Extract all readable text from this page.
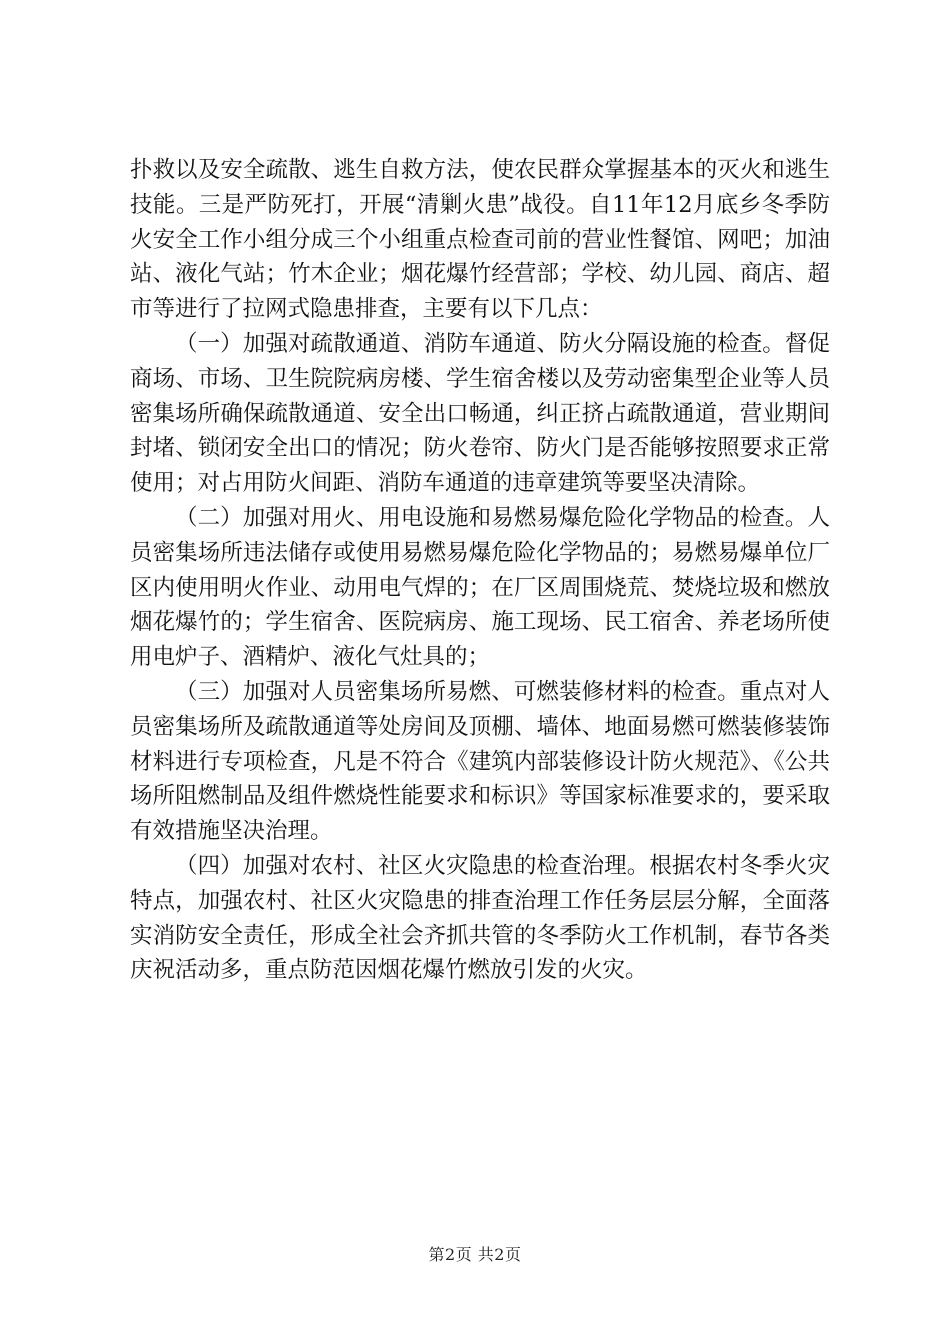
扑救以及安全疏散、逃生自救方法，使农民群众掌握基本的灭火和逃生技能。三是严防死打，开展“清剿火患”战役。自11年12月底乡冬季防火安全工作小组分成三个小组重点检查司前的营业性餐馆、网吧；加油站、液化气站；竹木企业；烟花爆竹经营部；学校、幼儿园、商店、超市等进行了拉网式隐患排查，主要有以下几点：

（一）加强对疏散通道、消防车通道、防火分隔设施的检查。督促商场、市场、卫生院院病房楼、学生宿舍楼以及劳动密集型企业等人员密集场所确保疏散通道、安全出口畅通，纠正挤占疏散通道，营业期间封堵、锁闭安全出口的情况；防火卷帘、防火门是否能够按照要求正常使用；对占用防火间距、消防车通道的违章建筑等要坚决清除。

（二）加强对用火、用电设施和易燃易爆危险化学物品的检查。人员密集场所违法储存或使用易燃易爆危险化学物品的；易燃易爆单位厂区内使用明火作业、动用电气焊的；在厂区周围烧荒、焚烧垃圾和燃放烟花爆竹的；学生宿舍、医院病房、施工现场、民工宿舍、养老场所使用电炉子、酒精炉、液化气灶具的；

（三）加强对人员密集场所易燃、可燃装修材料的检查。重点对人员密集场所及疏散通道等处房间及顶棚、墙体、地面易燃可燃装修装饰材料进行专项检查，凡是不符合《建筑内部装修设计防火规范》、《公共场所阻燃制品及组件燃烧性能要求和标识》等国家标准要求的，要采取有效措施坚决治理。

（四）加强对农村、社区火灾隐患的检查治理。根据农村冬季火灾特点，加强农村、社区火灾隐患的排查治理工作任务层层分解，全面落实消防安全责任，形成全社会齐抓共管的冬季防火工作机制，春节各类庆祝活动多，重点防范因烟花爆竹燃放引发的火灾。

第2页 共2页
